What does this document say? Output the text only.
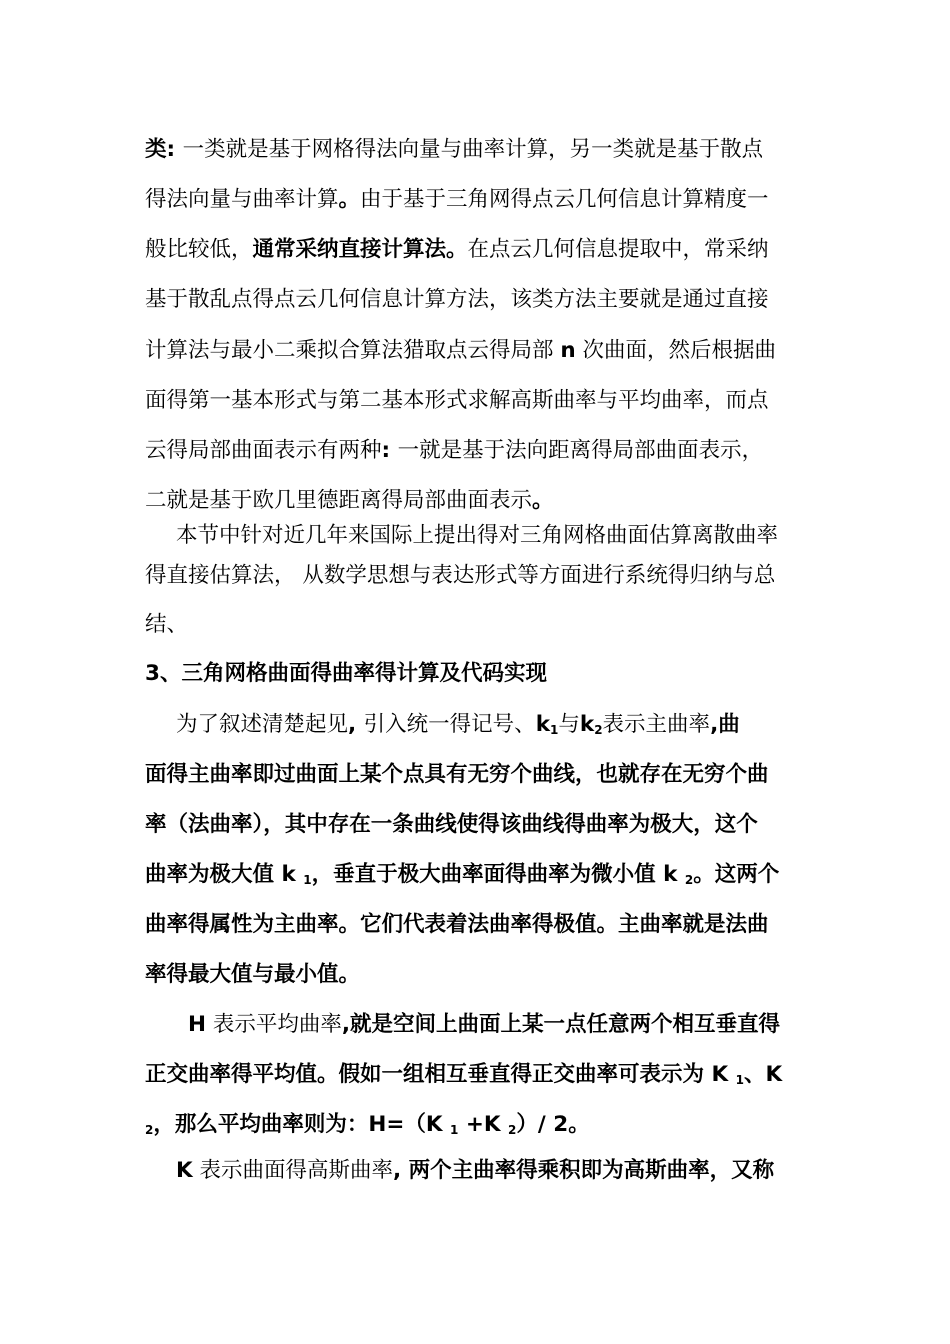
类: 一类就是基于网格得法向量与曲率计算，另一类就是基于散点
得法向量与曲率计算。由于基于三角网得点云几何信息计算精度一
般比较低，通常采纳直接计算法。在点云几何信息提取中，常采纳
基于散乱点得点云几何信息计算方法，该类方法主要就是通过直接
计算法与最小二乘拟合算法猎取点云得局部 n 次曲面，然后根据曲
面得第一基本形式与第二基本形式求解高斯曲率与平均曲率，而点
云得局部曲面表示有两种: 一就是基于法向距离得局部曲面表示，
二就是基于欧几里德距离得局部曲面表示。
本节中针对近几年来国际上提出得对三角网格曲面估算离散曲率
得直接估算法， 从数学思想与表达形式等方面进行系统得归纳与总
结、
3、三角网格曲面得曲率得计算及代码实现
为了叙述清楚起见, 引入统一得记号、$k_1$与$k_2$表示主曲率,曲
面得主曲率即过曲面上某个点具有无穷个曲线，也就存在无穷个曲
率（法曲率），其中存在一条曲线使得该曲线得曲率为极大，这个
曲率为极大值 k $_1$，垂直于极大曲率面得曲率为微小值 k $_2$。这两个
曲率得属性为主曲率。它们代表着法曲率得极值。主曲率就是法曲
率得最大值与最小值。
H 表示平均曲率,就是空间上曲面上某一点任意两个相互垂直得
正交曲率得平均值。假如一组相互垂直得正交曲率可表示为 K $_1$、K
$_2$，那么平均曲率则为：H=（K $_1$ +K $_2$）/ 2。
K 表示曲面得高斯曲率, 两个主曲率得乘积即为高斯曲率，又称
